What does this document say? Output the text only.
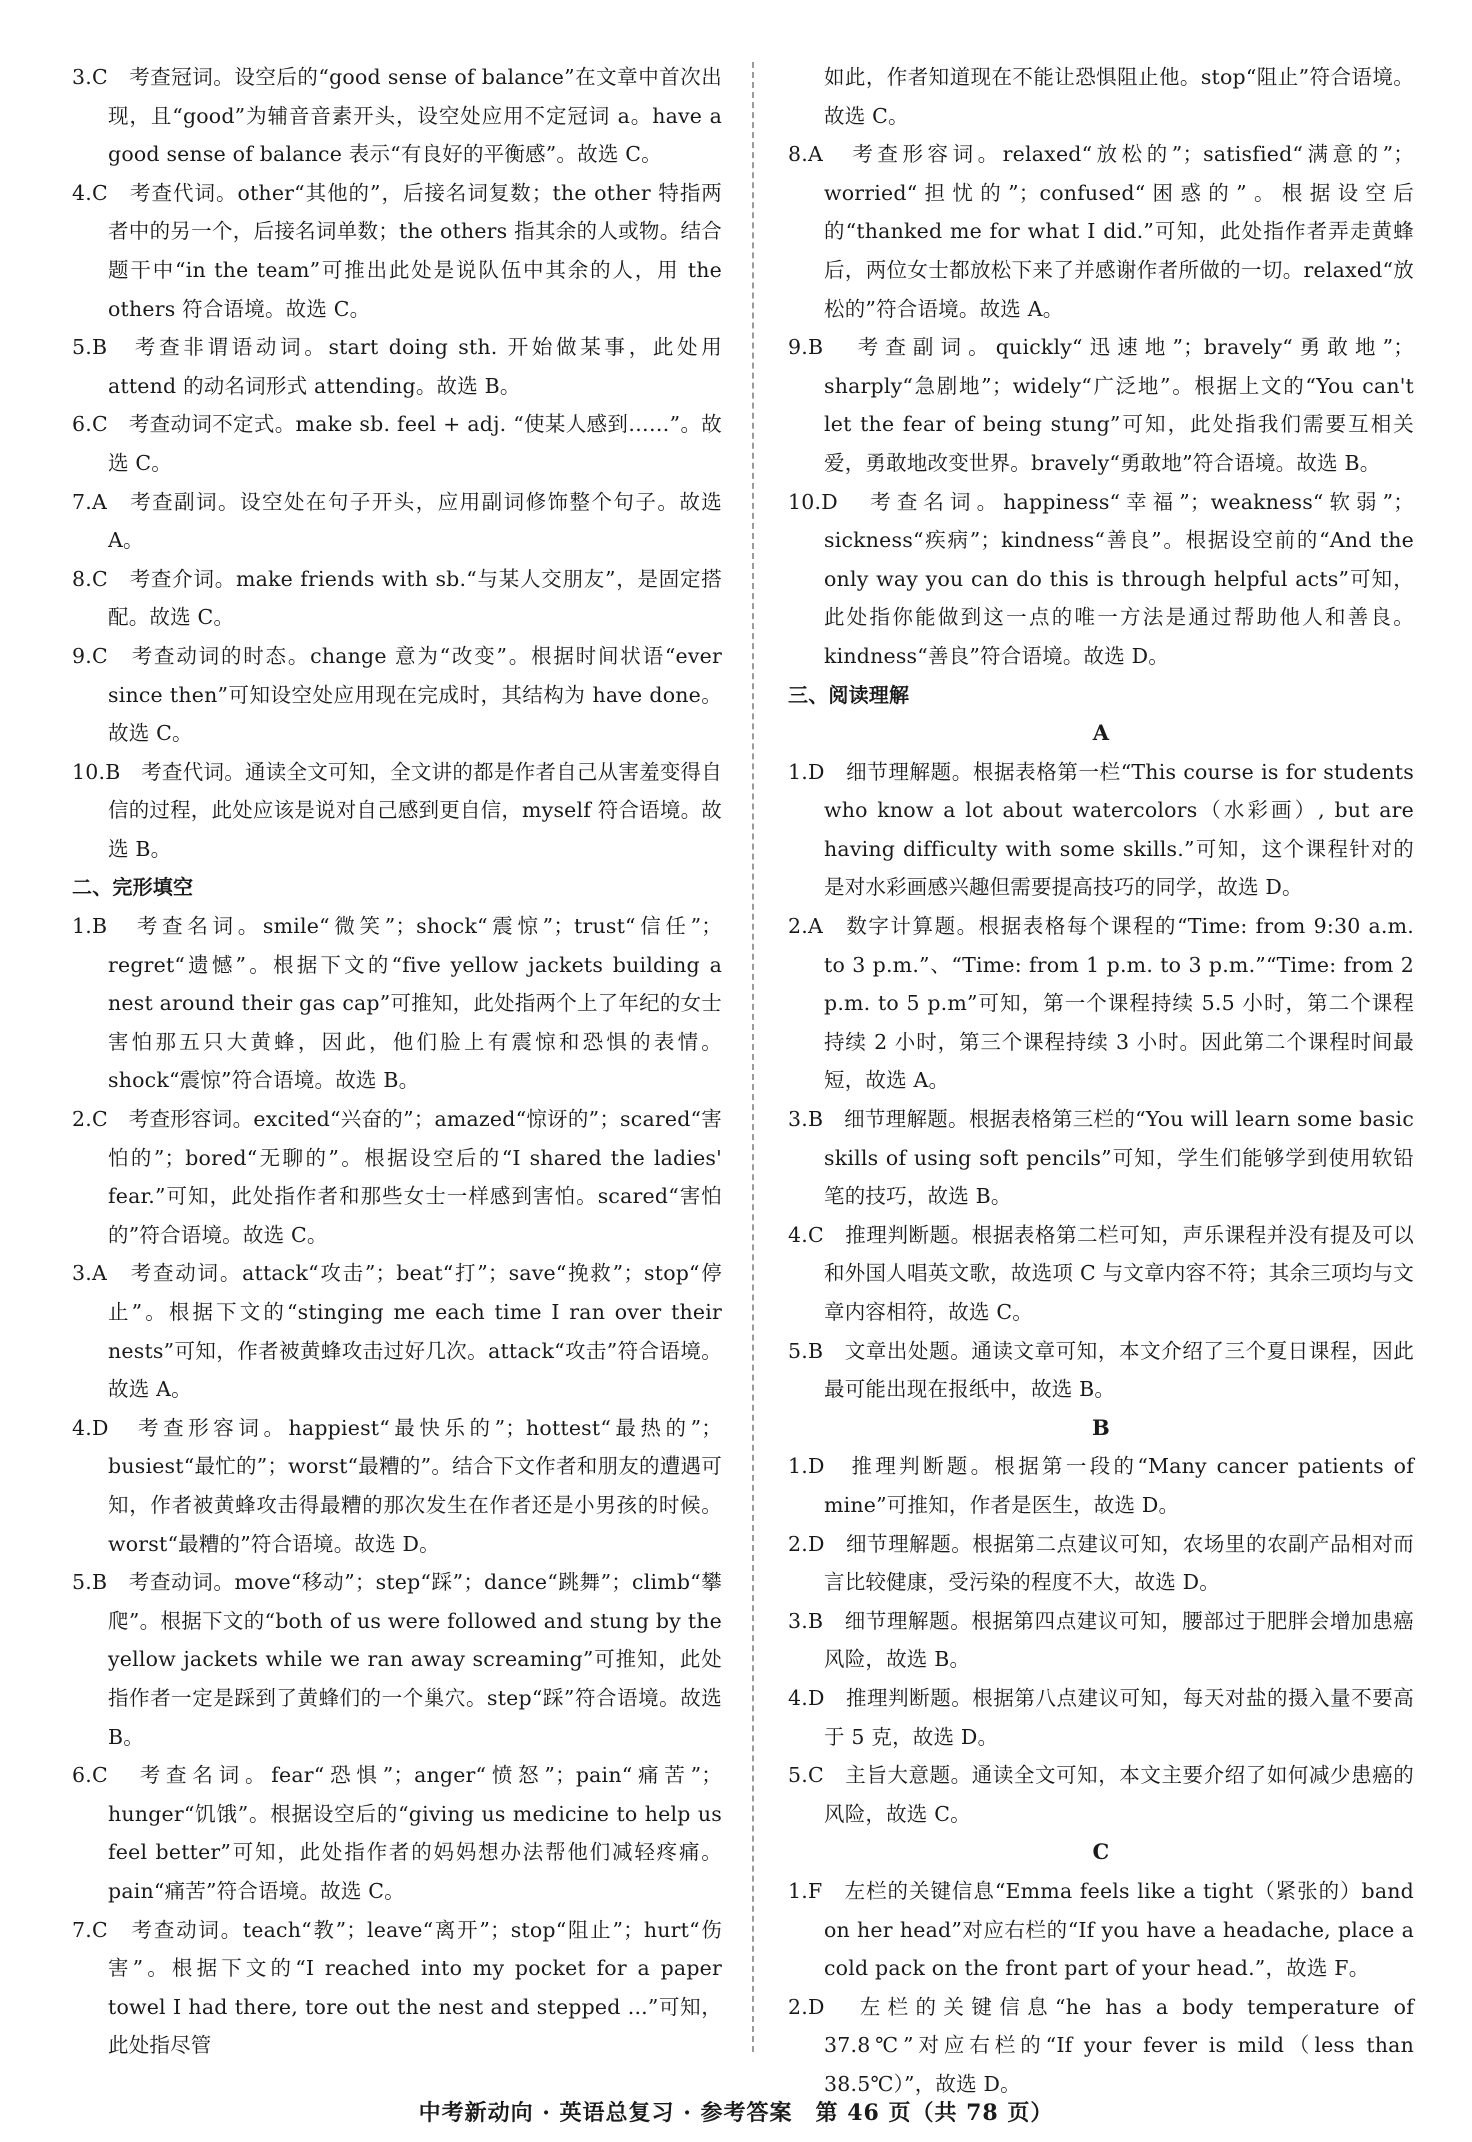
3.C　考查冠词。设空后的“good sense of balance”在文章中首次出现，且“good”为辅音音素开头，设空处应用不定冠词 a。have a good sense of balance 表示“有良好的平衡感”。故选 C。
4.C　考查代词。other“其他的”，后接名词复数；the other 特指两者中的另一个，后接名词单数；the others 指其余的人或物。结合题干中“in the team”可推出此处是说队伍中其余的人，用 the others 符合语境。故选 C。
5.B　考查非谓语动词。start doing sth. 开始做某事，此处用 attend 的动名词形式 attending。故选 B。
6.C　考查动词不定式。make sb. feel + adj. “使某人感到……”。故选 C。
7.A　考查副词。设空处在句子开头，应用副词修饰整个句子。故选 A。
8.C　考查介词。make friends with sb.“与某人交朋友”，是固定搭配。故选 C。
9.C　考查动词的时态。change 意为“改变”。根据时间状语“ever since then”可知设空处应用现在完成时，其结构为 have done。故选 C。
10.B　考查代词。通读全文可知，全文讲的都是作者自己从害羞变得自信的过程，此处应该是说对自己感到更自信，myself 符合语境。故选 B。
二、完形填空
1.B　考查名词。smile“微笑”；shock“震惊”；trust“信任”；regret“遗憾”。根据下文的“five yellow jackets building a nest around their gas cap”可推知，此处指两个上了年纪的女士害怕那五只大黄蜂，因此，他们脸上有震惊和恐惧的表情。shock“震惊”符合语境。故选 B。
2.C　考查形容词。excited“兴奋的”；amazed“惊讶的”；scared“害怕的”；bored“无聊的”。根据设空后的“I shared the ladies' fear.”可知，此处指作者和那些女士一样感到害怕。scared“害怕的”符合语境。故选 C。
3.A　考查动词。attack“攻击”；beat“打”；save“挽救”；stop“停止”。根据下文的“stinging me each time I ran over their nests”可知，作者被黄蜂攻击过好几次。attack“攻击”符合语境。故选 A。
4.D　考查形容词。happiest“最快乐的”；hottest“最热的”；busiest“最忙的”；worst“最糟的”。结合下文作者和朋友的遭遇可知，作者被黄蜂攻击得最糟的那次发生在作者还是小男孩的时候。worst“最糟的”符合语境。故选 D。
5.B　考查动词。move“移动”；step“踩”；dance“跳舞”；climb“攀爬”。根据下文的“both of us were followed and stung by the yellow jackets while we ran away screaming”可推知，此处指作者一定是踩到了黄蜂们的一个巢穴。step“踩”符合语境。故选 B。
6.C　考查名词。fear“恐惧”；anger“愤怒”；pain“痛苦”；hunger“饥饿”。根据设空后的“giving us medicine to help us feel better”可知，此处指作者的妈妈想办法帮他们减轻疼痛。pain“痛苦”符合语境。故选 C。
7.C　考查动词。teach“教”；leave“离开”；stop“阻止”；hurt“伤害”。根据下文的“I reached into my pocket for a paper towel I had there, tore out the nest and stepped ...”可知，此处指尽管
如此，作者知道现在不能让恐惧阻止他。stop“阻止”符合语境。故选 C。
8.A　考查形容词。relaxed“放松的”；satisfied“满意的”；worried“担忧的”；confused“困惑的”。根据设空后的“thanked me for what I did.”可知，此处指作者弄走黄蜂后，两位女士都放松下来了并感谢作者所做的一切。relaxed“放松的”符合语境。故选 A。
9.B　考查副词。quickly“迅速地”；bravely“勇敢地”；sharply“急剧地”；widely“广泛地”。根据上文的“You can't let the fear of being stung”可知，此处指我们需要互相关爱，勇敢地改变世界。bravely“勇敢地”符合语境。故选 B。
10.D　考查名词。happiness“幸福”；weakness“软弱”；sickness“疾病”；kindness“善良”。根据设空前的“And the only way you can do this is through helpful acts”可知，此处指你能做到这一点的唯一方法是通过帮助他人和善良。kindness“善良”符合语境。故选 D。
三、阅读理解
A
1.D　细节理解题。根据表格第一栏“This course is for students who know a lot about watercolors（水彩画）, but are having difficulty with some skills.”可知，这个课程针对的是对水彩画感兴趣但需要提高技巧的同学，故选 D。
2.A　数字计算题。根据表格每个课程的“Time: from 9:30 a.m. to 3 p.m.”、“Time: from 1 p.m. to 3 p.m.”“Time: from 2 p.m. to 5 p.m”可知，第一个课程持续 5.5 小时，第二个课程持续 2 小时，第三个课程持续 3 小时。因此第二个课程时间最短，故选 A。
3.B　细节理解题。根据表格第三栏的“You will learn some basic skills of using soft pencils”可知，学生们能够学到使用软铅笔的技巧，故选 B。
4.C　推理判断题。根据表格第二栏可知，声乐课程并没有提及可以和外国人唱英文歌，故选项 C 与文章内容不符；其余三项均与文章内容相符，故选 C。
5.B　文章出处题。通读文章可知，本文介绍了三个夏日课程，因此最可能出现在报纸中，故选 B。
B
1.D　推理判断题。根据第一段的“Many cancer patients of mine”可推知，作者是医生，故选 D。
2.D　细节理解题。根据第二点建议可知，农场里的农副产品相对而言比较健康，受污染的程度不大，故选 D。
3.B　细节理解题。根据第四点建议可知，腰部过于肥胖会增加患癌风险，故选 B。
4.D　推理判断题。根据第八点建议可知，每天对盐的摄入量不要高于 5 克，故选 D。
5.C　主旨大意题。通读全文可知，本文主要介绍了如何减少患癌的风险，故选 C。
C
1.F　左栏的关键信息“Emma feels like a tight（紧张的）band on her head”对应右栏的“If you have a headache, place a cold pack on the front part of your head.”，故选 F。
2.D　左栏的关键信息“he has a body temperature of 37.8℃”对应右栏的“If your fever is mild（less than 38.5℃）”，故选 D。
中考新动向 · 英语总复习 · 参考答案　第 46 页（共 78 页）
